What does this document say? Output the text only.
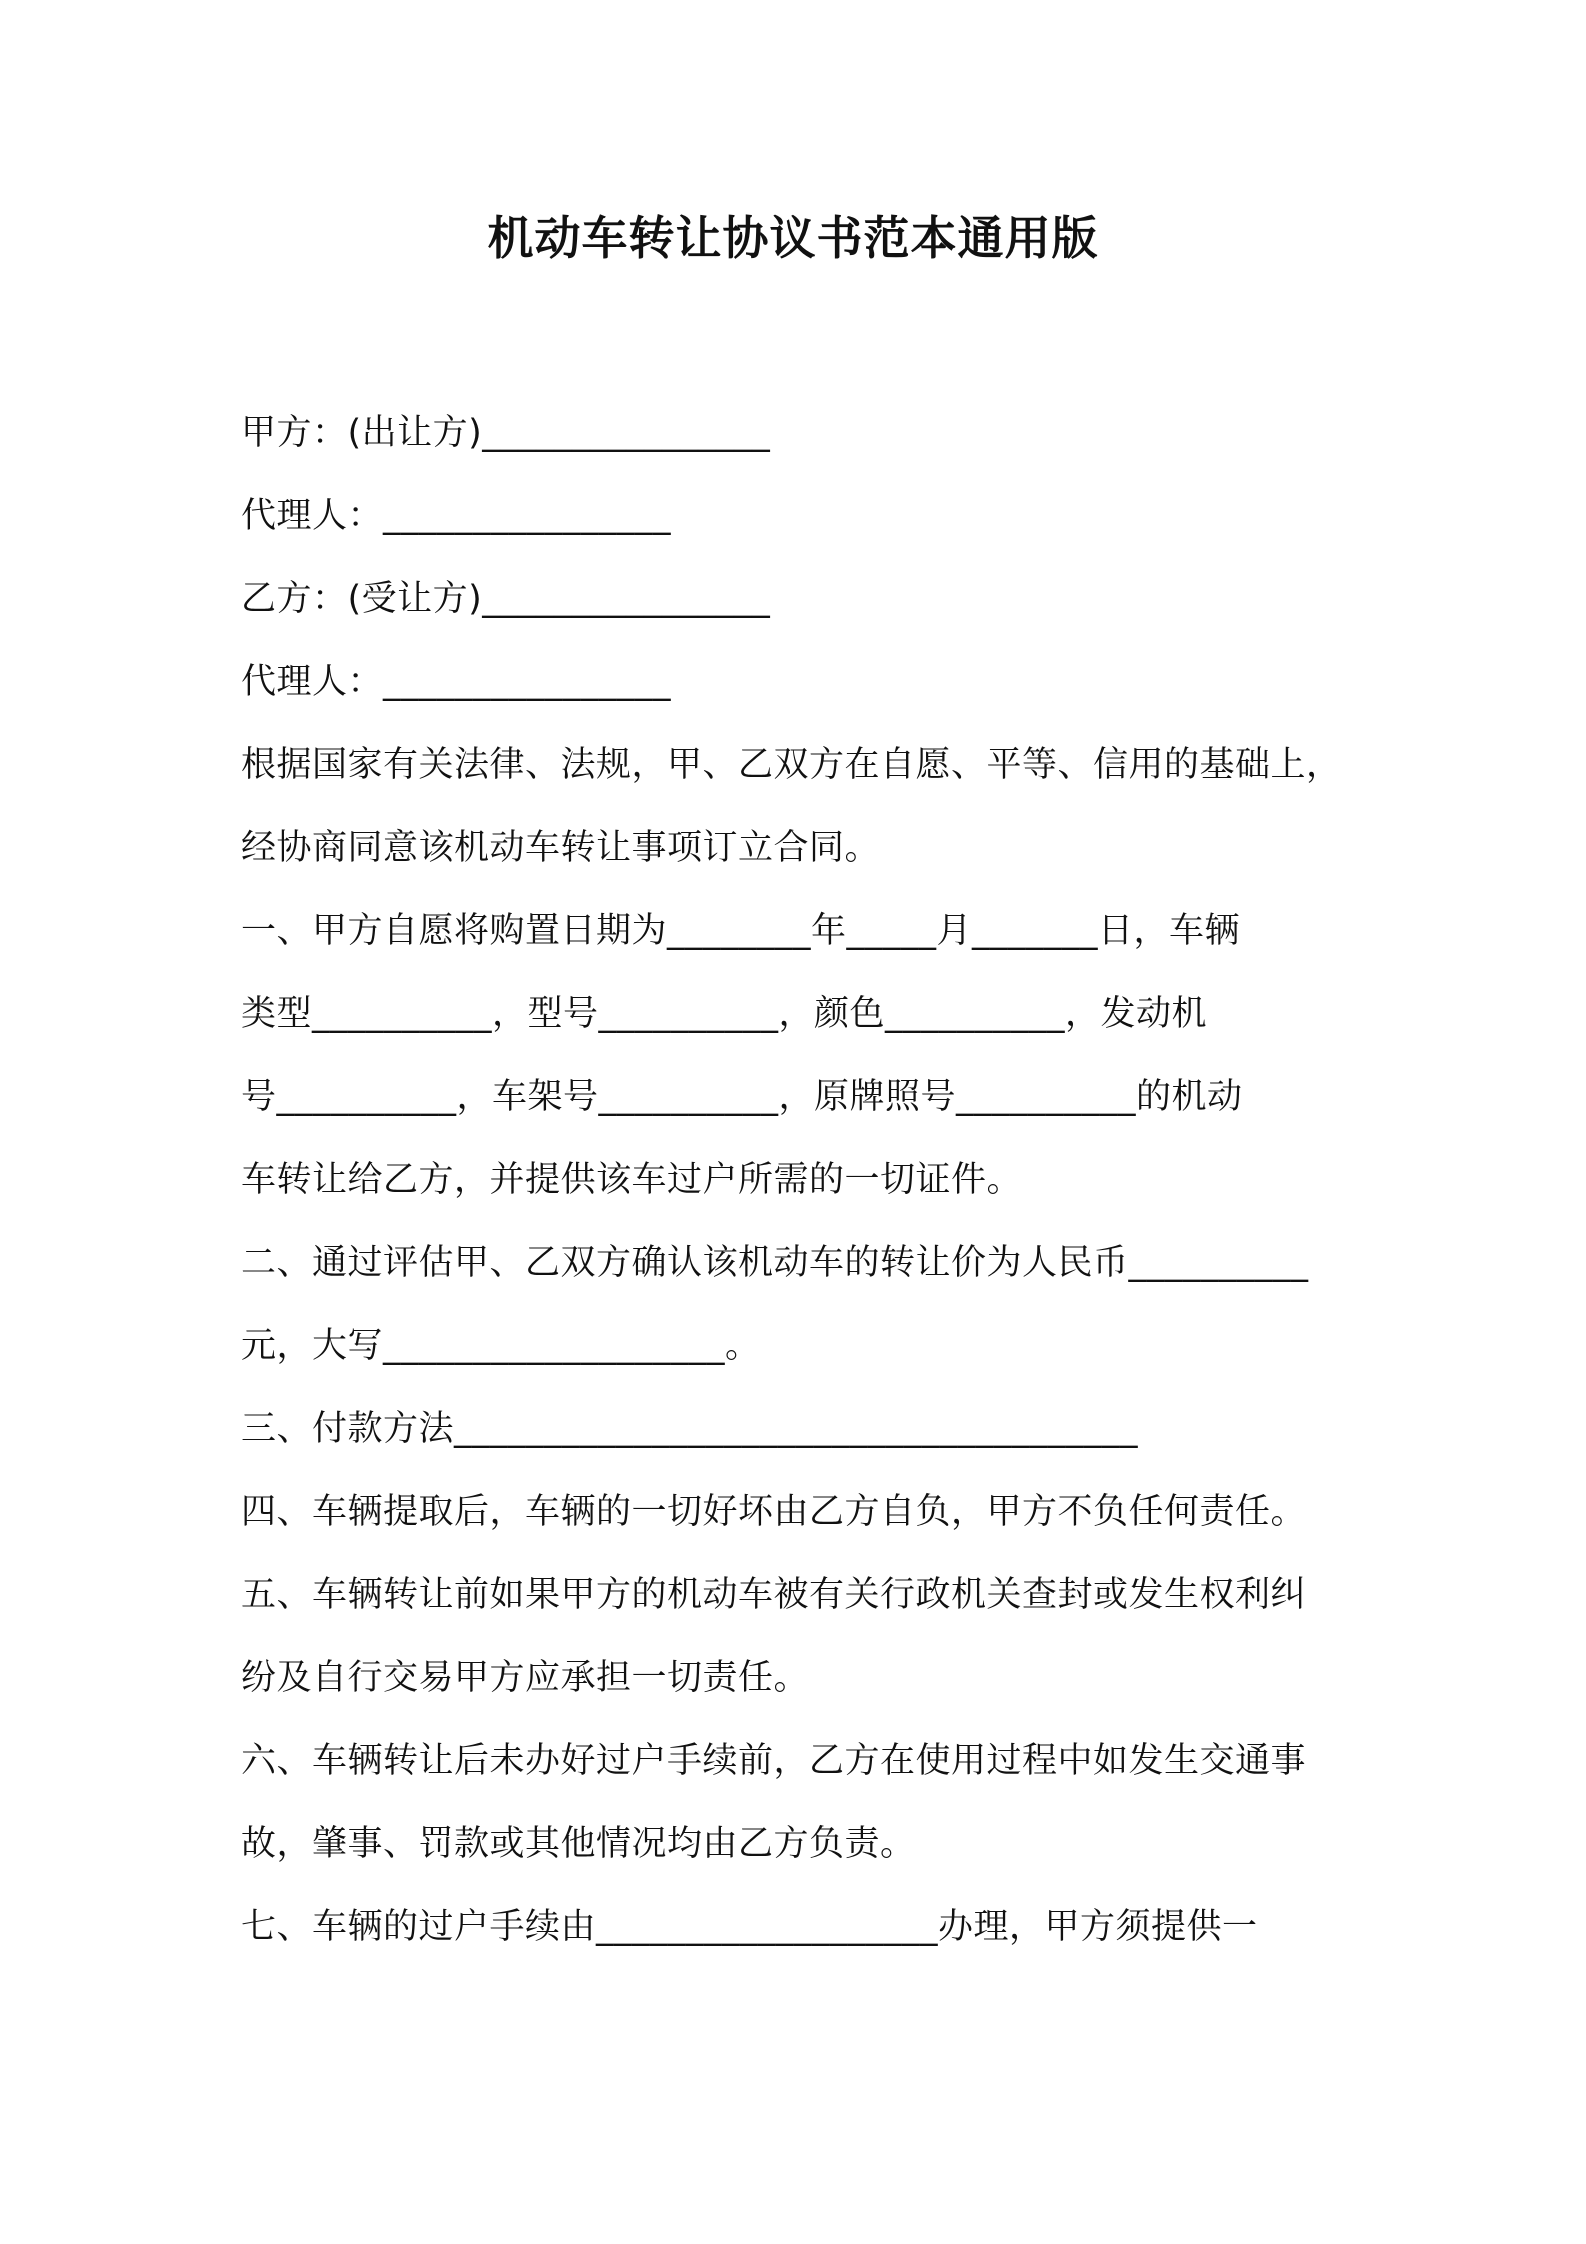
机动车转让协议书范本通用版
甲方：(出让方)________________
代理人：________________
乙方：(受让方)________________
代理人：________________
根据国家有关法律、法规，甲、乙双方在自愿、平等、信用的基础上，
经协商同意该机动车转让事项订立合同。
一、甲方自愿将购置日期为________年_____月_______日，车辆
类型__________，型号__________，颜色__________，发动机
号__________，车架号__________，原牌照号__________的机动
车转让给乙方，并提供该车过户所需的一切证件。
二、通过评估甲、乙双方确认该机动车的转让价为人民币__________
元，大写___________________。
三、付款方法______________________________________
四、车辆提取后，车辆的一切好坏由乙方自负，甲方不负任何责任。
五、车辆转让前如果甲方的机动车被有关行政机关查封或发生权利纠
纷及自行交易甲方应承担一切责任。
六、车辆转让后未办好过户手续前，乙方在使用过程中如发生交通事
故，肇事、罚款或其他情况均由乙方负责。
七、车辆的过户手续由___________________办理，甲方须提供一
